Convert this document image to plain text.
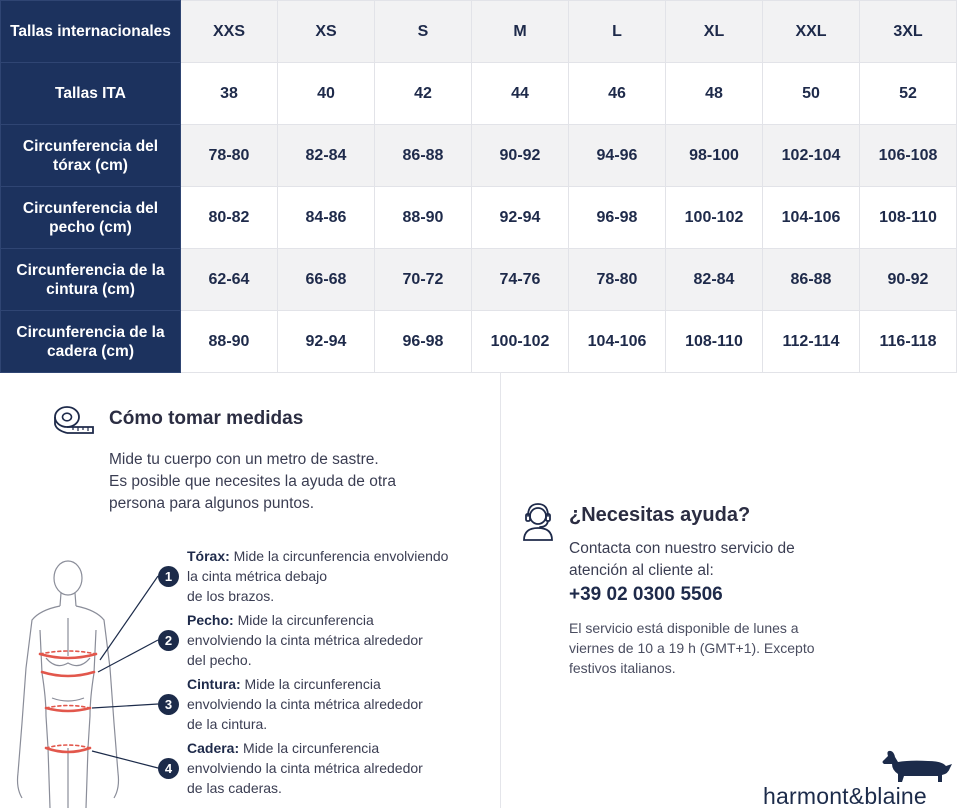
Tallas internacionales	XXS	XS	S	M	L	XL	XXL	3XL
Tallas ITA	38	40	42	44	46	48	50	52
Circunferencia del tórax (cm)	78-80	82-84	86-88	90-92	94-96	98-100	102-104	106-108
Circunferencia del pecho (cm)	80-82	84-86	88-90	92-94	96-98	100-102	104-106	108-110
Circunferencia de la cintura (cm)	62-64	66-68	70-72	74-76	78-80	82-84	86-88	90-92
Circunferencia de la cadera (cm)	88-90	92-94	96-98	100-102	104-106	108-110	112-114	116-118
Cómo tomar medidas
Mide tu cuerpo con un metro de sastre.
Es posible que necesites la ayuda de otra
persona para algunos puntos.
1
Tórax: Mide la circunferencia envolviendo
la cinta métrica debajo
de los brazos.
2
Pecho: Mide la circunferencia
envolviendo la cinta métrica alrededor
del pecho.
3
Cintura: Mide la circunferencia
envolviendo la cinta métrica alrededor
de la cintura.
4
Cadera: Mide la circunferencia
envolviendo la cinta métrica alrededor
de las caderas.
¿Necesitas ayuda?
Contacta con nuestro servicio de
atención al cliente al:
+39 02 0300 5506
El servicio está disponible de lunes a
viernes de 10 a 19 h (GMT+1). Excepto
festivos italianos.
harmont&blaine
